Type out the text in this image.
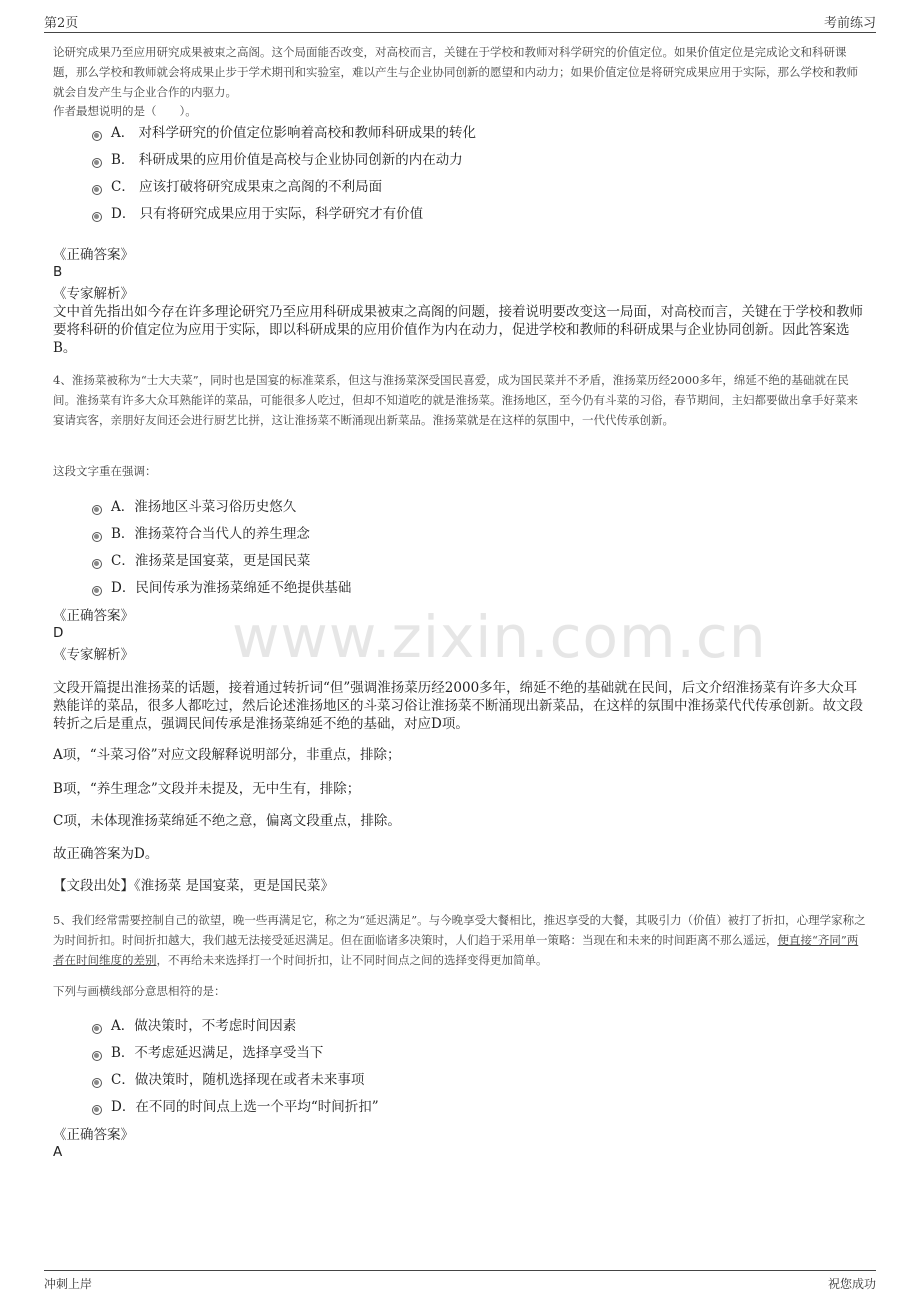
第2页	考前练习
www.zixin.com.cn
论研究成果乃至应用研究成果被束之高阁。这个局面能否改变，对高校而言，关键在于学校和教师对科学研究的价值定位。如果价值定位是完成论文和科研课题，那么学校和教师就会将成果止步于学术期刊和实验室，难以产生与企业协同创新的愿望和内动力；如果价值定位是将研究成果应用于实际，那么学校和教师就会自发产生与企业合作的内驱力。
作者最想说明的是（　　）。
A． 对科学研究的价值定位影响着高校和教师科研成果的转化
B． 科研成果的应用价值是高校与企业协同创新的内在动力
C． 应该打破将研究成果束之高阁的不利局面
D． 只有将研究成果应用于实际，科学研究才有价值
《正确答案》
B
《专家解析》
文中首先指出如今存在许多理论研究乃至应用科研成果被束之高阁的问题，接着说明要改变这一局面，对高校而言，关键在于学校和教师要将科研的价值定位为应用于实际，即以科研成果的应用价值作为内在动力，促进学校和教师的科研成果与企业协同创新。因此答案选B。
4、淮扬菜被称为“士大夫菜”，同时也是国宴的标准菜系，但这与淮扬菜深受国民喜爱，成为国民菜并不矛盾，淮扬菜历经2000多年，绵延不绝的基础就在民间。淮扬菜有许多大众耳熟能详的菜品，可能很多人吃过，但却不知道吃的就是淮扬菜。淮扬地区，至今仍有斗菜的习俗，春节期间，主妇都要做出拿手好菜来宴请宾客，亲朋好友间还会进行厨艺比拼，这让淮扬菜不断涌现出新菜品。淮扬菜就是在这样的氛围中，一代代传承创新。
这段文字重在强调：
A．淮扬地区斗菜习俗历史悠久
B．淮扬菜符合当代人的养生理念
C．淮扬菜是国宴菜，更是国民菜
D．民间传承为淮扬菜绵延不绝提供基础
《正确答案》
D
《专家解析》
文段开篇提出淮扬菜的话题，接着通过转折词“但”强调淮扬菜历经2000多年，绵延不绝的基础就在民间，后文介绍淮扬菜有许多大众耳熟能详的菜品，很多人都吃过，然后论述淮扬地区的斗菜习俗让淮扬菜不断涌现出新菜品，在这样的氛围中淮扬菜代代传承创新。故文段转折之后是重点，强调民间传承是淮扬菜绵延不绝的基础，对应D项。
A项，“斗菜习俗”对应文段解释说明部分，非重点，排除；
B项，“养生理念”文段并未提及，无中生有，排除；
C项，未体现淮扬菜绵延不绝之意，偏离文段重点，排除。
故正确答案为D。
【文段出处】《淮扬菜 是国宴菜，更是国民菜》
5、我们经常需要控制自己的欲望，晚一些再满足它，称之为“延迟满足”。与今晚享受大餐相比，推迟享受的大餐，其吸引力（价值）被打了折扣，心理学家称之为时间折扣。时间折扣越大，我们越无法接受延迟满足。但在面临诸多决策时，人们趋于采用单一策略：当现在和未来的时间距离不那么遥远，便直接“齐同”两者在时间维度的差别，不再给未来选择打一个时间折扣，让不同时间点之间的选择变得更加简单。
下列与画横线部分意思相符的是：
A．做决策时，不考虑时间因素
B．不考虑延迟满足，选择享受当下
C．做决策时，随机选择现在或者未来事项
D．在不同的时间点上选一个平均“时间折扣”
《正确答案》
A
冲刺上岸	祝您成功
